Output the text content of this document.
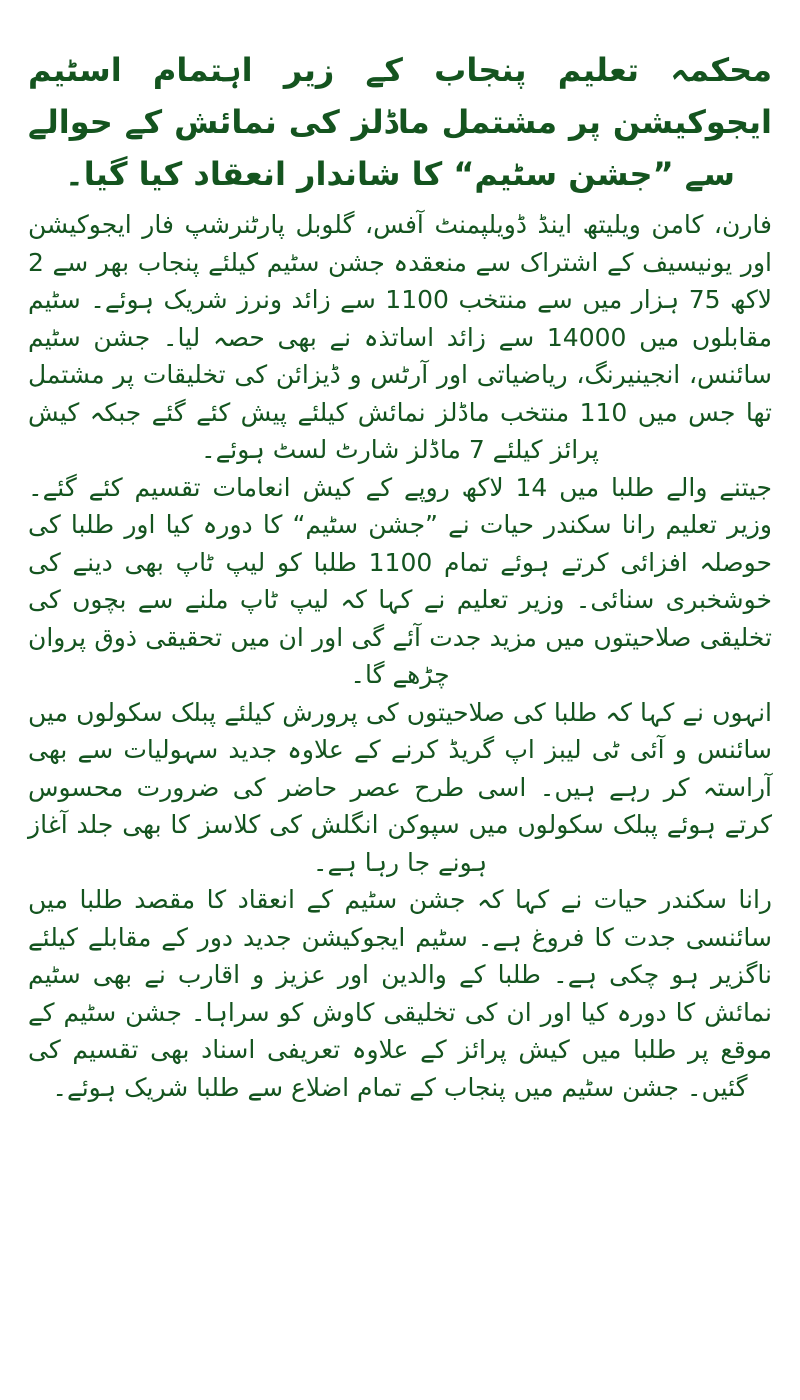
محکمہ تعلیم پنجاب کے زیر اہتمام اسٹیم ایجوکیشن پر مشتمل ماڈلز کی نمائش کے حوالے سے ”جشن سٹیم“ کا شاندار انعقاد کیا گیا۔

فارن، کامن ویلیتھ اینڈ ڈویلپمنٹ آفس، گلوبل پارٹنرشپ فار ایجوکیشن اور یونیسیف کے اشتراک سے منعقدہ جشن سٹیم کیلئے پنجاب بھر سے 2 لاکھ 75 ہزار میں سے منتخب 1100 سے زائد ونرز شریک ہوئے۔ سٹیم مقابلوں میں 14000 سے زائد اساتذہ نے بھی حصہ لیا۔ جشن سٹیم سائنس، انجینیرنگ، ریاضیاتی اور آرٹس و ڈیزائن کی تخلیقات پر مشتمل تھا جس میں 110 منتخب ماڈلز نمائش کیلئے پیش کئے گئے جبکہ کیش پرائز کیلئے 7 ماڈلز شارٹ لسٹ ہوئے۔

جیتنے والے طلبا میں 14 لاکھ روپے کے کیش انعامات تقسیم کئے گئے۔ وزیر تعلیم رانا سکندر حیات نے ”جشن سٹیم“ کا دورہ کیا اور طلبا کی حوصلہ افزائی کرتے ہوئے تمام 1100 طلبا کو لیپ ٹاپ بھی دینے کی خوشخبری سنائی۔ وزیر تعلیم نے کہا کہ لیپ ٹاپ ملنے سے بچوں کی تخلیقی صلاحیتوں میں مزید جدت آئے گی اور ان میں تحقیقی ذوق پروان چڑھے گا۔

انہوں نے کہا کہ طلبا کی صلاحیتوں کی پرورش کیلئے پبلک سکولوں میں سائنس و آئی ٹی لیبز اپ گریڈ کرنے کے علاوہ جدید سہولیات سے بھی آراستہ کر رہے ہیں۔ اسی طرح عصر حاضر کی ضرورت محسوس کرتے ہوئے پبلک سکولوں میں سپوکن انگلش کی کلاسز کا بھی جلد آغاز ہونے جا رہا ہے۔

رانا سکندر حیات نے کہا کہ جشن سٹیم کے انعقاد کا مقصد طلبا میں سائنسی جدت کا فروغ ہے۔ سٹیم ایجوکیشن جدید دور کے مقابلے کیلئے ناگزیر ہو چکی ہے۔ طلبا کے والدین اور عزیز و اقارب نے بھی سٹیم نمائش کا دورہ کیا اور ان کی تخلیقی کاوش کو سراہا۔ جشن سٹیم کے موقع پر طلبا میں کیش پرائز کے علاوہ تعریفی اسناد بھی تقسیم کی گئیں۔ جشن سٹیم میں پنجاب کے تمام اضلاع سے طلبا شریک ہوئے۔
